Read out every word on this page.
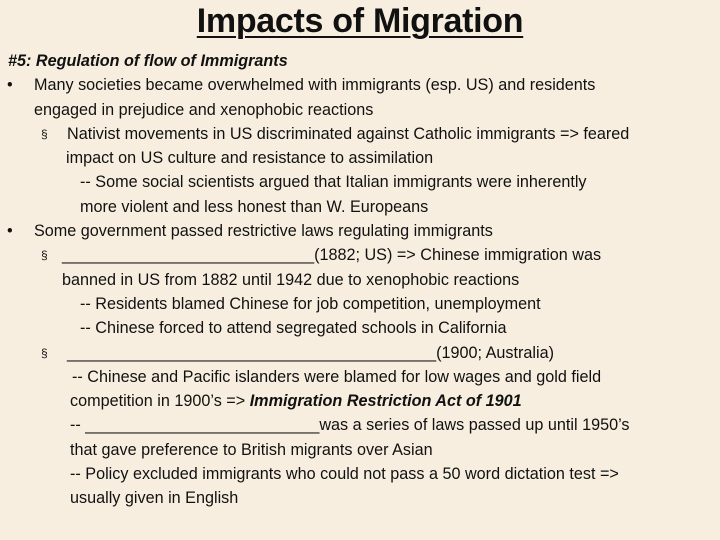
Impacts of Migration
#5: Regulation of flow of Immigrants
• Many societies became overwhelmed with immigrants (esp. US) and residents
engaged in prejudice and xenophobic reactions
§ Nativist movements in US discriminated against Catholic immigrants => feared
impact on US culture and resistance to assimilation
-- Some social scientists argued that Italian immigrants were inherently
more violent and less honest than W. Europeans
• Some government passed restrictive laws regulating immigrants
§ ____________________________(1882; US) => Chinese immigration was
banned in US from 1882 until 1942 due to xenophobic reactions
-- Residents blamed Chinese for job competition, unemployment
-- Chinese forced to attend segregated schools in California
§ _________________________________________(1900; Australia)
-- Chinese and Pacific islanders were blamed for low wages and gold field
competition in 1900’s => Immigration Restriction Act of 1901
-- __________________________was a series of laws passed up until 1950’s
that gave preference to British migrants over Asian
-- Policy excluded immigrants who could not pass a 50 word dictation test =>
usually given in English
